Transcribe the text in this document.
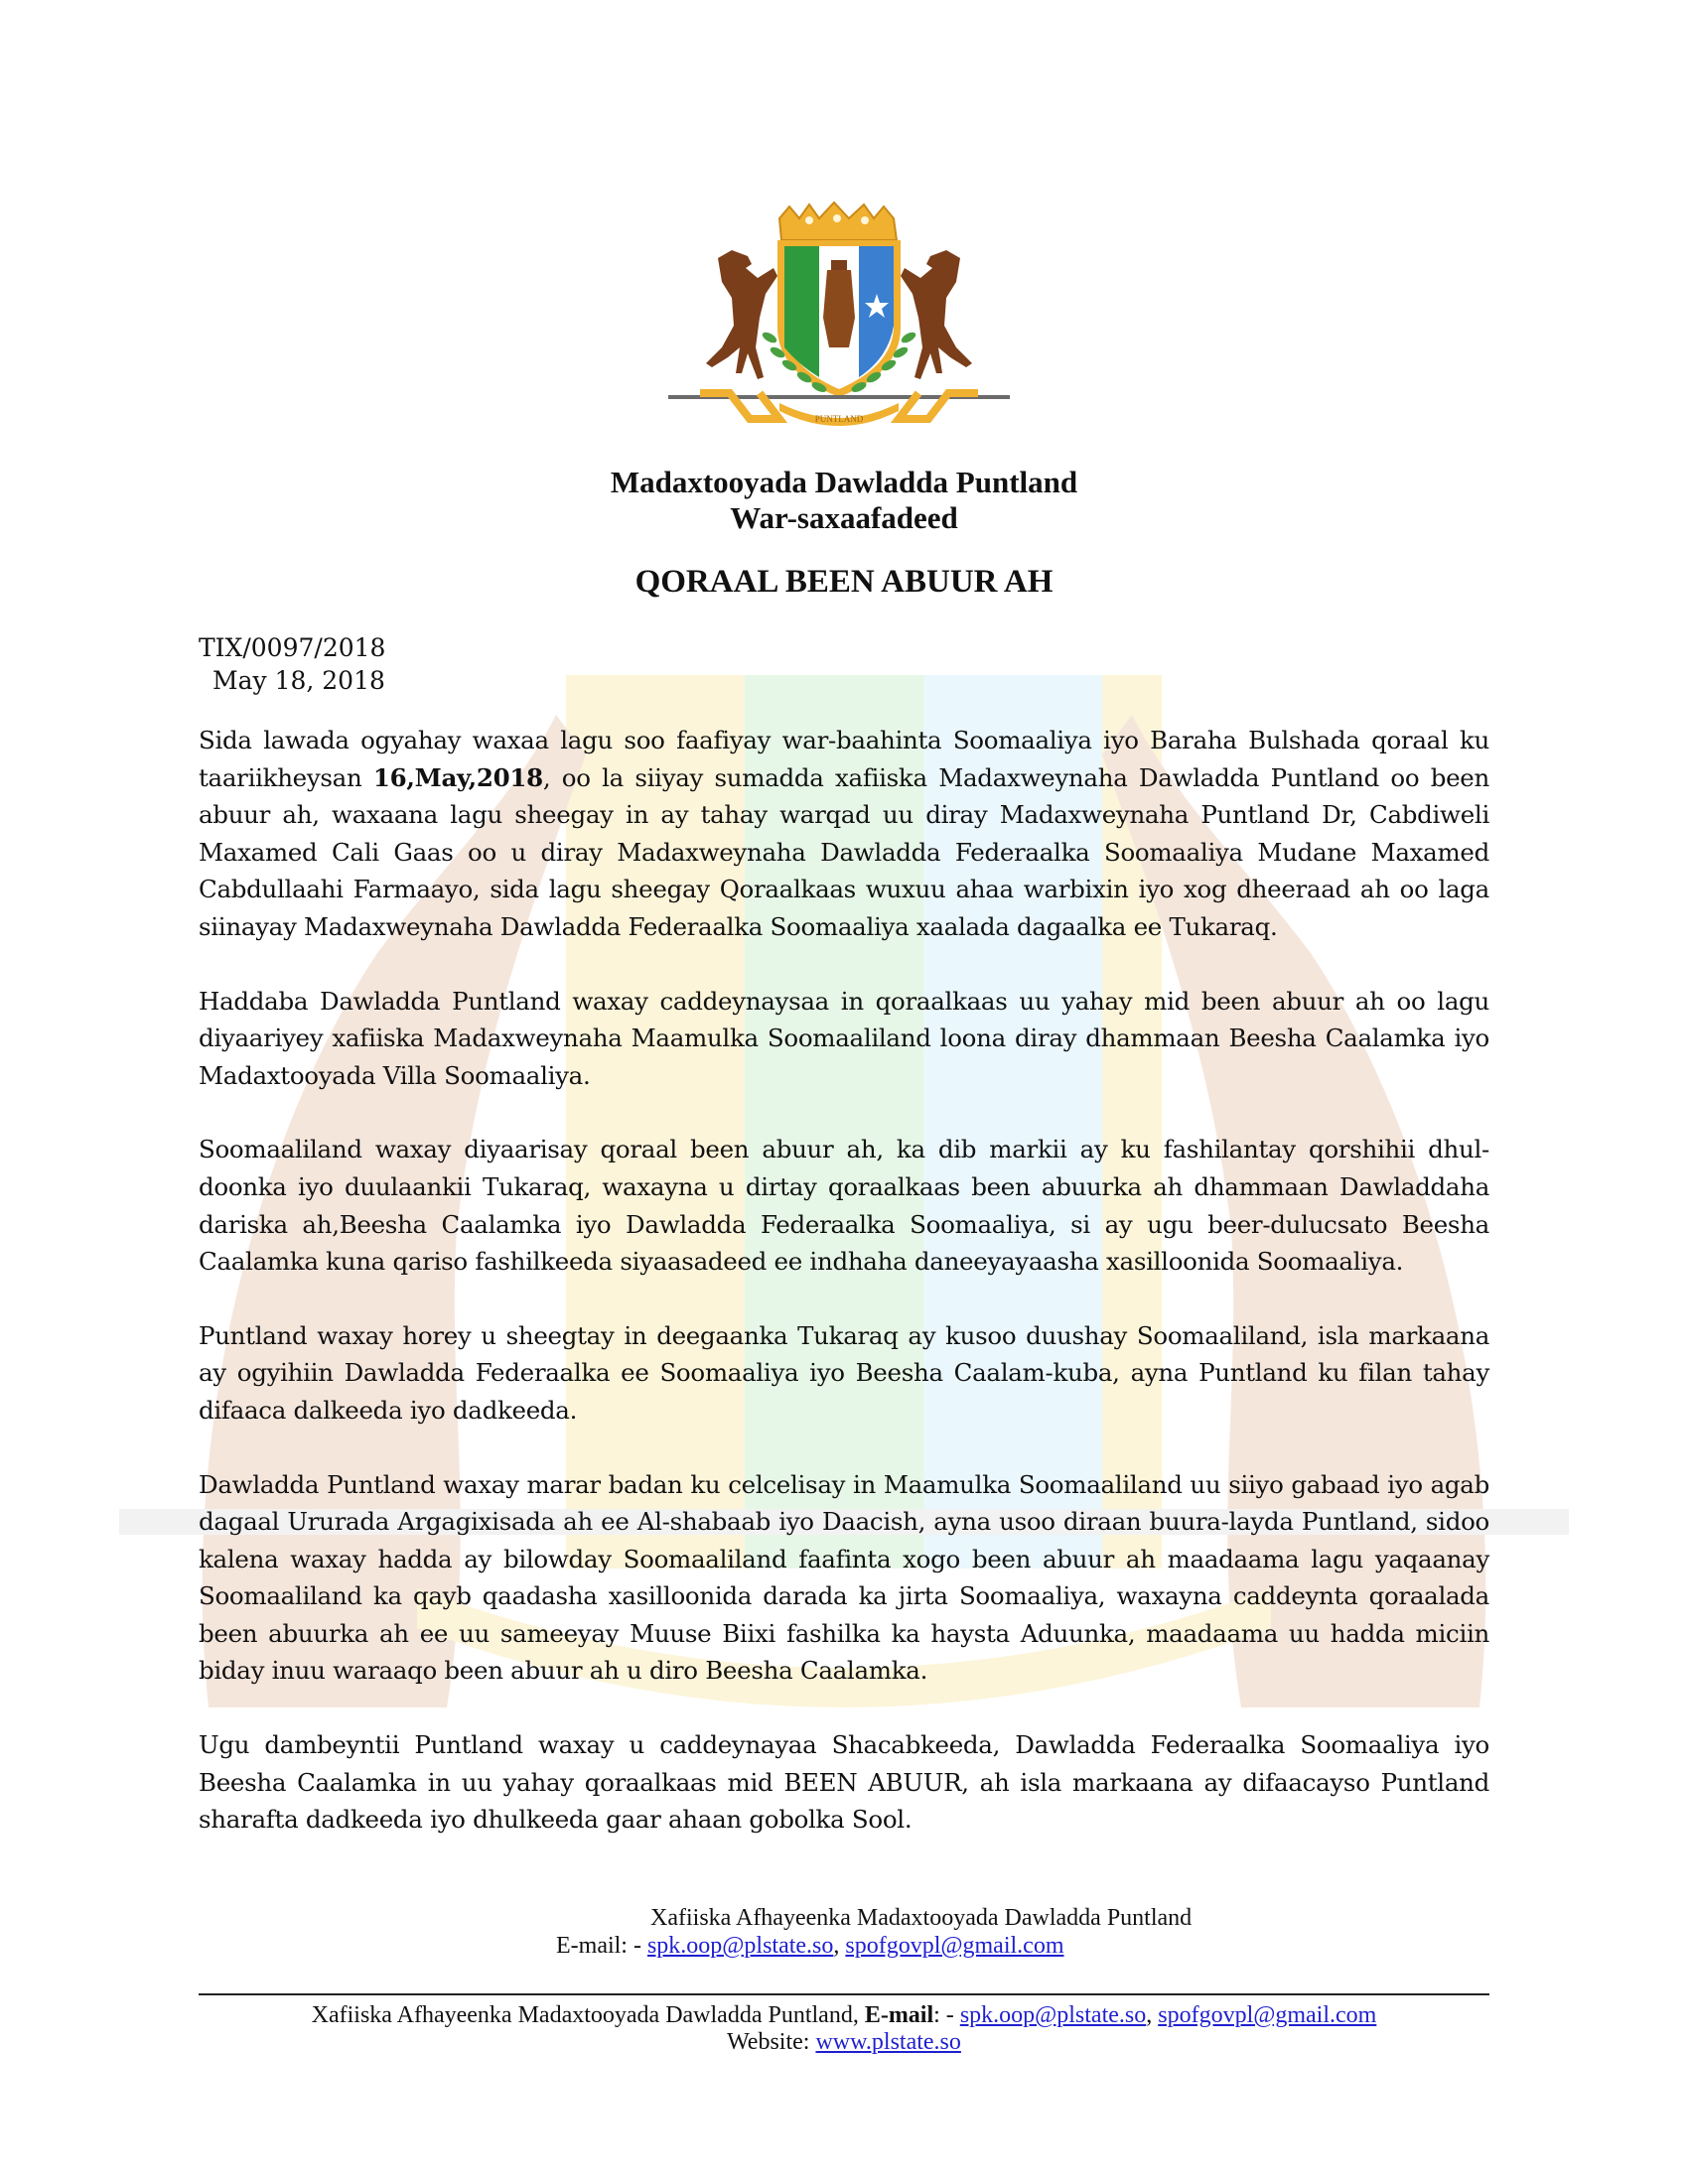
PUNTLAND
Madaxtooyada Dawladda Puntland
War-saxaafadeed
QORAAL BEEN ABUUR AH
TIX/0097/2018
May 18, 2018

Sida lawada ogyahay waxaa lagu soo faafiyay war-baahinta Soomaaliya iyo Baraha Bulshada qoraal ku taariikheysan 16,May,2018, oo la siiyay sumadda xafiiska Madaxweynaha Dawladda Puntland oo been abuur ah, waxaana lagu sheegay in ay tahay warqad uu diray Madaxweynaha Puntland Dr, Cabdiweli Maxamed Cali Gaas oo u diray Madaxweynaha Dawladda Federaalka Soomaaliya Mudane Maxamed Cabdullaahi Farmaayo, sida lagu sheegay Qoraalkaas wuxuu ahaa warbixin iyo xog dheeraad ah oo laga siinayay Madaxweynaha Dawladda Federaalka Soomaaliya xaalada dagaalka ee Tukaraq.

Haddaba Dawladda Puntland waxay caddeynaysaa in qoraalkaas uu yahay mid been abuur ah oo lagu diyaariyey xafiiska Madaxweynaha Maamulka Soomaaliland loona diray dhammaan Beesha Caalamka iyo Madaxtooyada Villa Soomaaliya.

Soomaaliland waxay diyaarisay qoraal been abuur ah, ka dib markii ay ku fashilantay qorshihii dhul-doonka iyo duulaankii Tukaraq, waxayna u dirtay qoraalkaas been abuurka ah dhammaan Dawladdaha dariska ah,Beesha Caalamka iyo Dawladda Federaalka Soomaaliya, si ay ugu beer-dulucsato Beesha Caalamka kuna qariso fashilkeeda siyaasadeed ee indhaha daneeyayaasha xasilloonida Soomaaliya.

Puntland waxay horey u sheegtay in deegaanka Tukaraq ay kusoo duushay Soomaaliland, isla markaana ay ogyihiin Dawladda Federaalka ee Soomaaliya iyo Beesha Caalam-kuba, ayna Puntland ku filan tahay difaaca dalkeeda iyo dadkeeda.

Dawladda Puntland waxay marar badan ku celcelisay in Maamulka Soomaaliland uu siiyo gabaad iyo agab dagaal Ururada Argagixisada ah ee Al-shabaab iyo Daacish, ayna usoo diraan buura-layda Puntland, sidoo kalena waxay hadda ay bilowday Soomaaliland faafinta xogo been abuur ah maadaama lagu yaqaanay Soomaaliland ka qayb qaadasha xasilloonida darada ka jirta Soomaaliya, waxayna caddeynta qoraalada been abuurka ah ee uu sameeyay Muuse Biixi fashilka ka haysta Aduunka, maadaama uu hadda miciin biday inuu waraaqo been abuur ah u diro Beesha Caalamka.

Ugu dambeyntii Puntland waxay u caddeynayaa Shacabkeeda, Dawladda Federaalka Soomaaliya iyo Beesha Caalamka in uu yahay qoraalkaas mid BEEN ABUUR, ah isla markaana ay difaacayso Puntland sharafta dadkeeda iyo dhulkeeda gaar ahaan gobolka Sool.

Xafiiska Afhayeenka Madaxtooyada Dawladda Puntland
E-mail: - spk.oop@plstate.so, spofgovpl@gmail.com
Xafiiska Afhayeenka Madaxtooyada Dawladda Puntland, E-mail: - spk.oop@plstate.so, spofgovpl@gmail.com
Website: www.plstate.so
